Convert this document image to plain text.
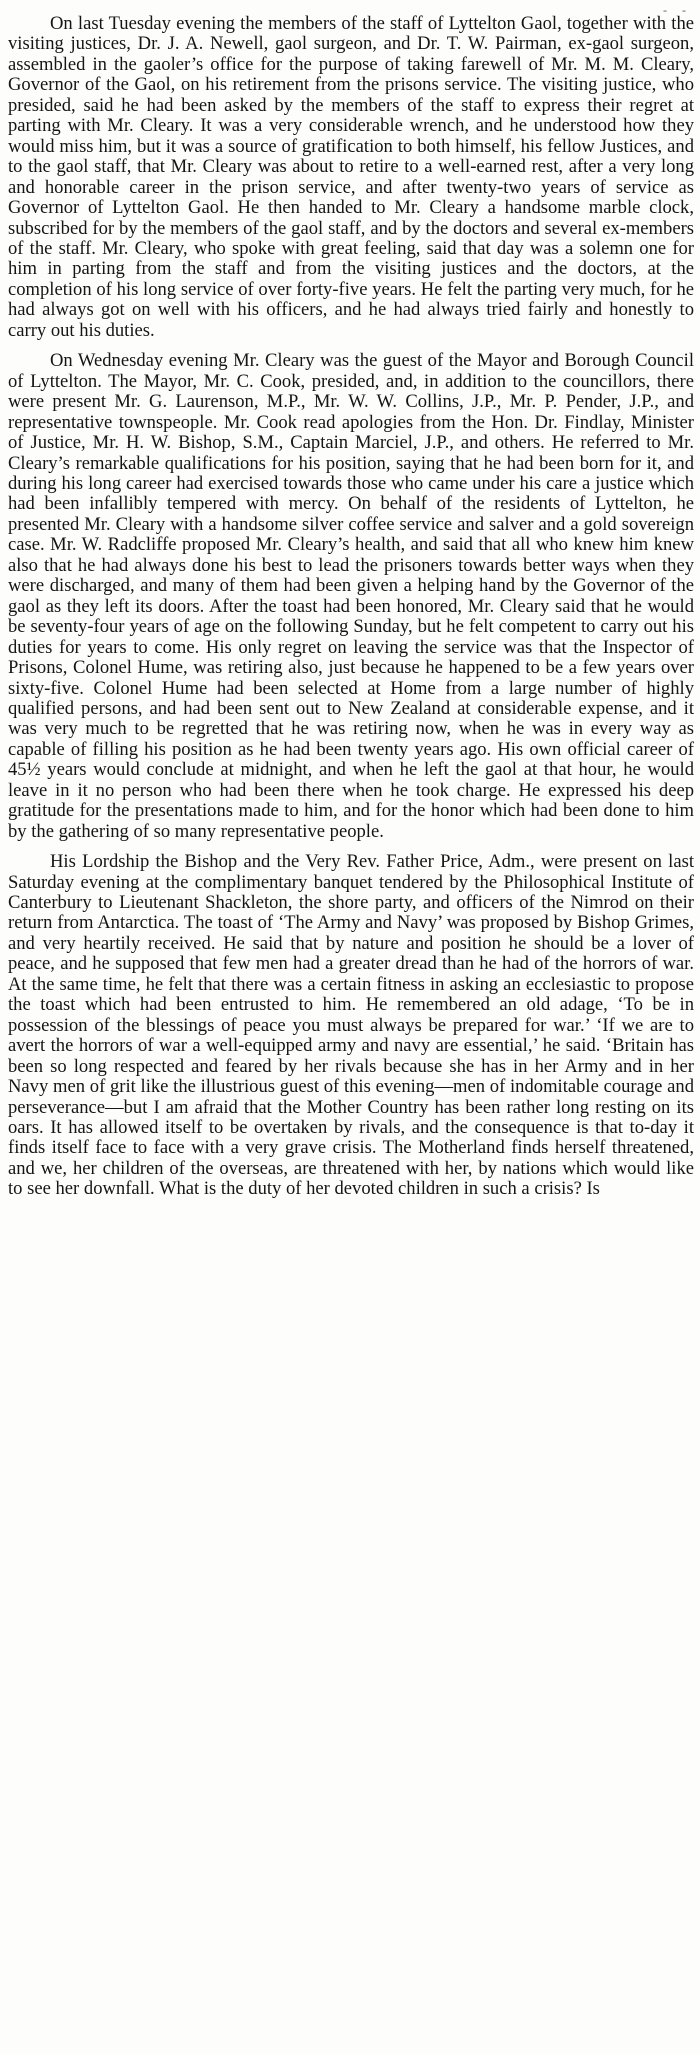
- -

On last Tuesday evening the members of the staff of Lyttelton Gaol, together with the visiting justices, Dr. J. A. Newell, gaol surgeon, and Dr. T. W. Pairman, ex-gaol surgeon, assembled in the gaoler’s office for the purpose of taking farewell of Mr. M. M. Cleary, Governor of the Gaol, on his retirement from the prisons service. The visiting justice, who presided, said he had been asked by the members of the staff to express their regret at parting with Mr. Cleary. It was a very considerable wrench, and he understood how they would miss him, but it was a source of gratification to both himself, his fellow Justices, and to the gaol staff, that Mr. Cleary was about to retire to a well-earned rest, after a very long and honorable career in the prison service, and after twenty-two years of service as Governor of Lyttelton Gaol. He then handed to Mr. Cleary a handsome marble clock, subscribed for by the members of the gaol staff, and by the doctors and several ex-members of the staff. Mr. Cleary, who spoke with great feeling, said that day was a solemn one for him in parting from the staff and from the visiting justices and the doctors, at the completion of his long service of over forty-five years. He felt the parting very much, for he had always got on well with his officers, and he had always tried fairly and honestly to carry out his duties.

On Wednesday evening Mr. Cleary was the guest of the Mayor and Borough Council of Lyttelton. The Mayor, Mr. C. Cook, presided, and, in addition to the councillors, there were present Mr. G. Laurenson, M.P., Mr. W. W. Collins, J.P., Mr. P. Pender, J.P., and representative townspeople. Mr. Cook read apologies from the Hon. Dr. Findlay, Minister of Justice, Mr. H. W. Bishop, S.M., Captain Marciel, J.P., and others. He referred to Mr. Cleary’s remarkable qualifications for his position, saying that he had been born for it, and during his long career had exercised towards those who came under his care a justice which had been infallibly tempered with mercy. On behalf of the residents of Lyttelton, he presented Mr. Cleary with a handsome silver coffee service and salver and a gold sovereign case. Mr. W. Radcliffe proposed Mr. Cleary’s health, and said that all who knew him knew also that he had always done his best to lead the prisoners towards better ways when they were discharged, and many of them had been given a helping hand by the Governor of the gaol as they left its doors. After the toast had been honored, Mr. Cleary said that he would be seventy-four years of age on the following Sunday, but he felt competent to carry out his duties for years to come. His only regret on leaving the service was that the Inspector of Prisons, Colonel Hume, was retiring also, just because he happened to be a few years over sixty-five. Colonel Hume had been selected at Home from a large number of highly qualified persons, and had been sent out to New Zealand at considerable expense, and it was very much to be regretted that he was retiring now, when he was in every way as capable of filling his position as he had been twenty years ago. His own official career of 45½ years would conclude at midnight, and when he left the gaol at that hour, he would leave in it no person who had been there when he took charge. He expressed his deep gratitude for the presentations made to him, and for the honor which had been done to him by the gathering of so many representative people.

His Lordship the Bishop and the Very Rev. Father Price, Adm., were present on last Saturday evening at the complimentary banquet tendered by the Philosophical Institute of Canterbury to Lieutenant Shackleton, the shore party, and officers of the Nimrod on their return from Antarctica. The toast of ‘The Army and Navy’ was proposed by Bishop Grimes, and very heartily received. He said that by nature and position he should be a lover of peace, and he supposed that few men had a greater dread than he had of the horrors of war. At the same time, he felt that there was a certain fitness in asking an ecclesiastic to propose the toast which had been entrusted to him. He remembered an old adage, ‘To be in possession of the blessings of peace you must always be prepared for war.’ ‘If we are to avert the horrors of war a well-equipped army and navy are essential,’ he said. ‘Britain has been so long respected and feared by her rivals because she has in her Army and in her Navy men of grit like the illustrious guest of this evening—men of indomitable courage and perseverance—but I am afraid that the Mother Country has been rather long resting on its oars. It has allowed itself to be overtaken by rivals, and the consequence is that to-day it finds itself face to face with a very grave crisis. The Motherland finds herself threatened, and we, her children of the overseas, are threatened with her, by nations which would like to see her downfall. What is the duty of her devoted children in such a crisis? Is
